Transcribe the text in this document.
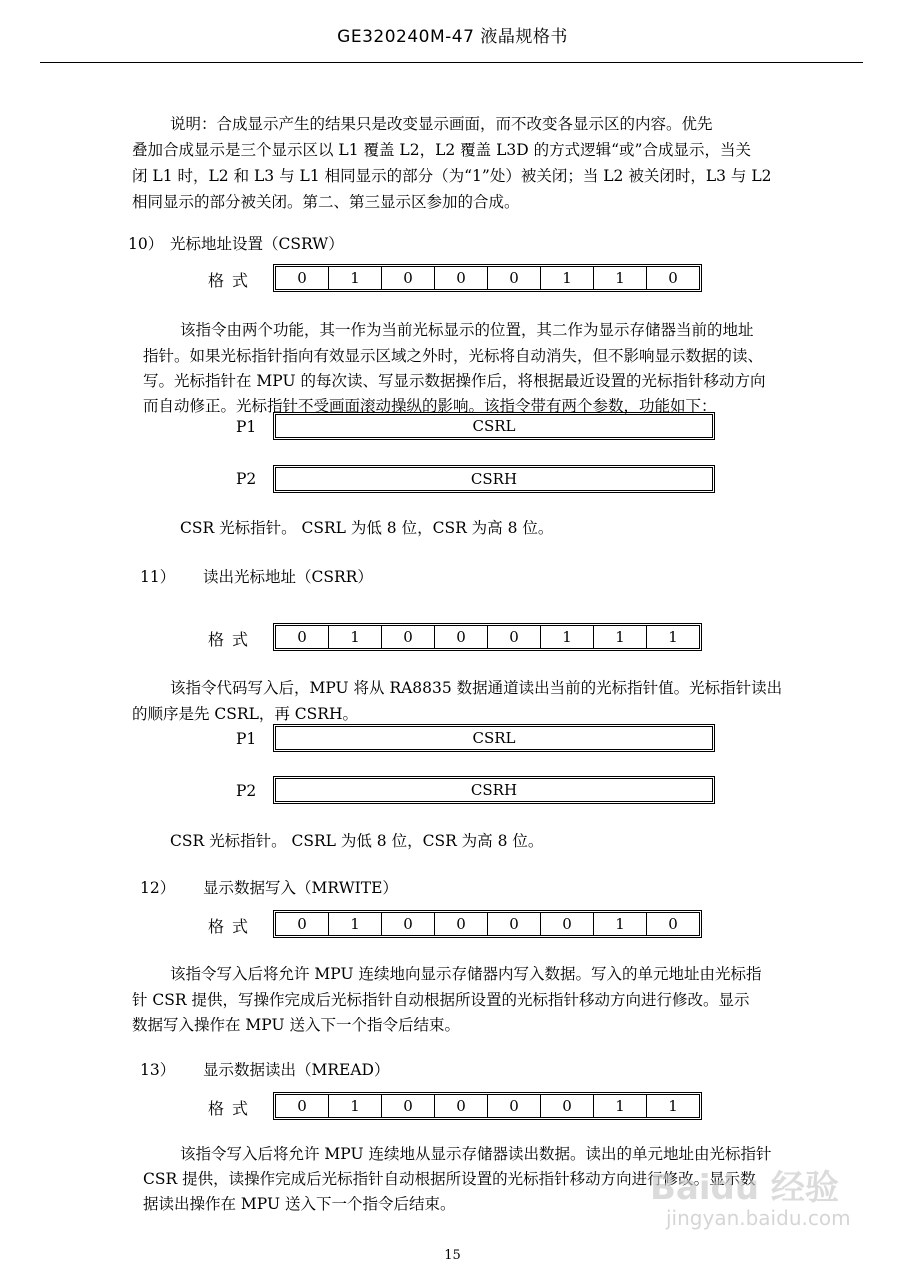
GE320240M-47 液晶规格书
说明：合成显示产生的结果只是改变显示画面，而不改变各显示区的内容。优先
叠加合成显示是三个显示区以 L1 覆盖 L2，L2 覆盖 L3D 的方式逻辑“或”合成显示，当关
闭 L1 时，L2 和 L3 与 L1 相同显示的部分（为“1”处）被关闭；当 L2 被关闭时，L3 与 L2
相同显示的部分被关闭。第二、第三显示区参加的合成。
10） 光标地址设置（CSRW）
格式	0	1	0	0	0	1	1	0
该指令由两个功能，其一作为当前光标显示的位置，其二作为显示存储器当前的地址
指针。如果光标指针指向有效显示区域之外时，光标将自动消失，但不影响显示数据的读、
写。光标指针在 MPU 的每次读、写显示数据操作后，将根据最近设置的光标指针移动方向
而自动修正。光标指针不受画面滚动操纵的影响。该指令带有两个参数，功能如下：
P1	CSRL
P2	CSRH
CSR 光标指针。 CSRL 为低 8 位，CSR 为高 8 位。
11） 读出光标地址（CSRR）
格式	0	1	0	0	0	1	1	1
该指令代码写入后，MPU 将从 RA8835 数据通道读出当前的光标指针值。光标指针读出
的顺序是先 CSRL，再 CSRH。
P1	CSRL
P2	CSRH
CSR 光标指针。 CSRL 为低 8 位，CSR 为高 8 位。
12） 显示数据写入（MRWITE）
格式	0	1	0	0	0	0	1	0
该指令写入后将允许 MPU 连续地向显示存储器内写入数据。写入的单元地址由光标指
针 CSR 提供，写操作完成后光标指针自动根据所设置的光标指针移动方向进行修改。显示
数据写入操作在 MPU 送入下一个指令后结束。
13） 显示数据读出（MREAD）
格式	0	1	0	0	0	0	1	1
该指令写入后将允许 MPU 连续地从显示存储器读出数据。读出的单元地址由光标指针
CSR 提供，读操作完成后光标指针自动根据所设置的光标指针移动方向进行修改。显示数
据读出操作在 MPU 送入下一个指令后结束。	Baidu 经验
jingyan.baidu.com
15
